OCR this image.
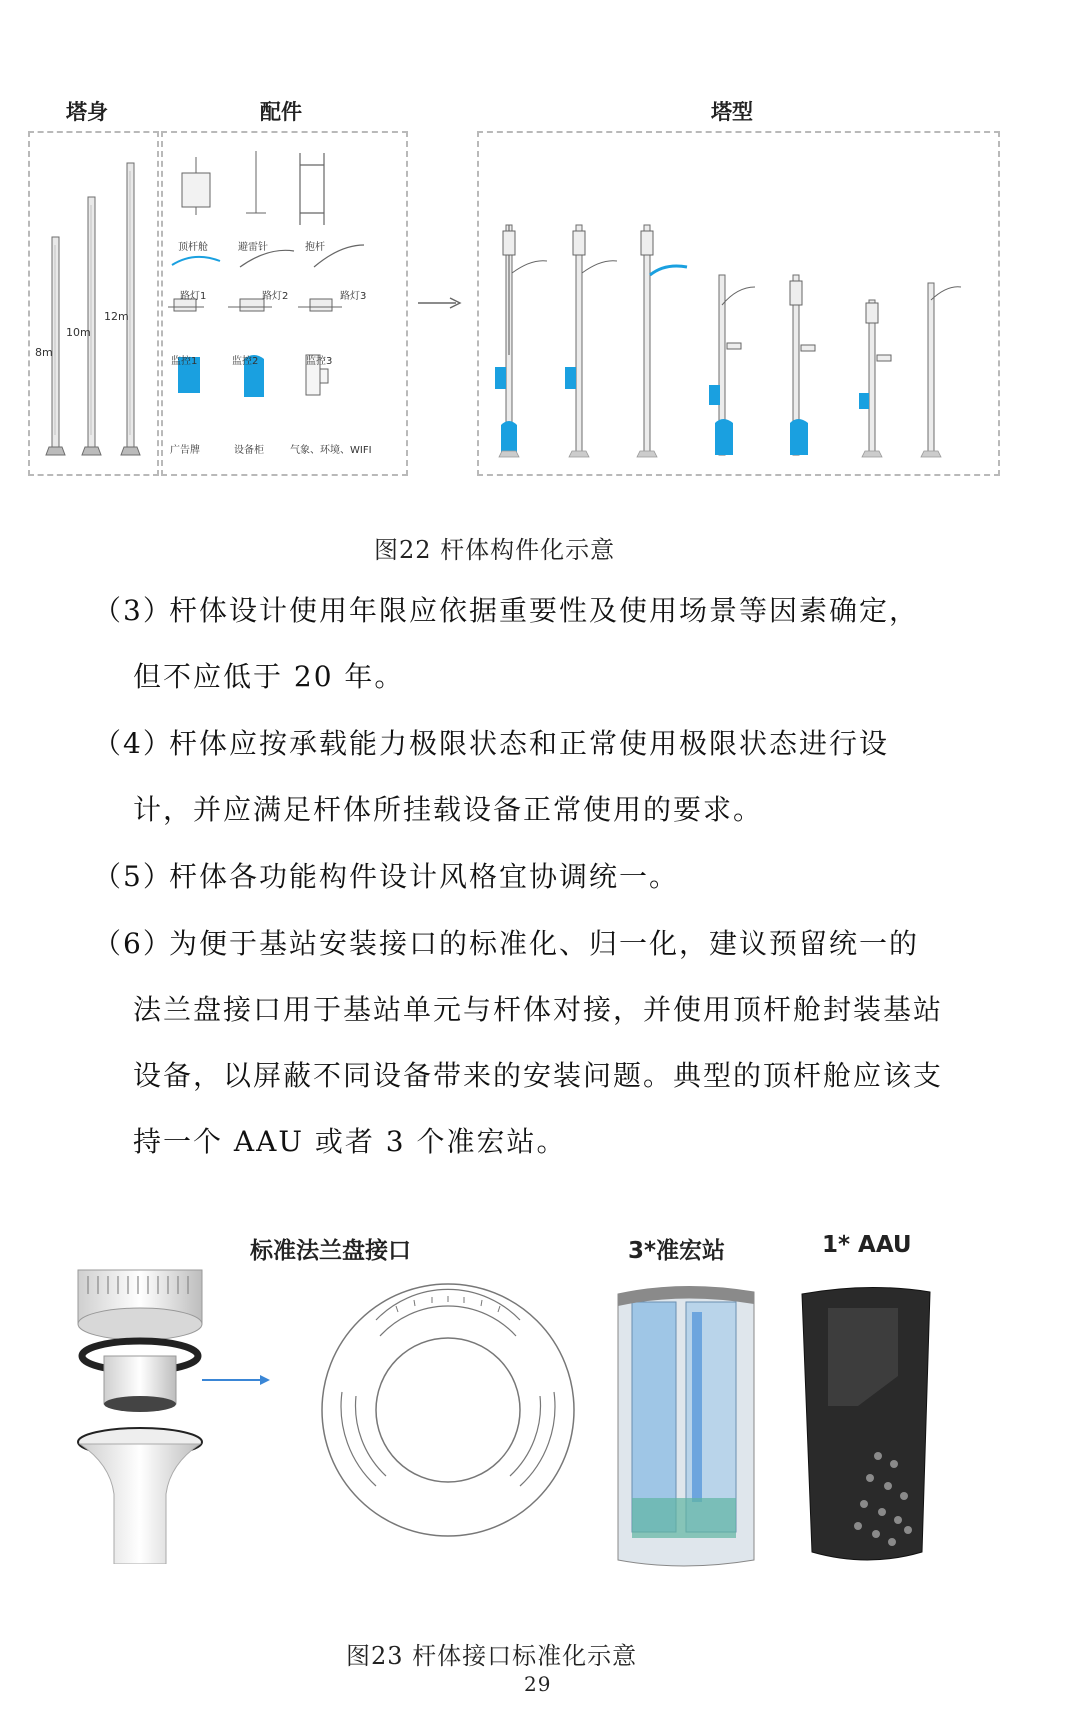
塔身	配件	塔型
8m
10m
12m
顶杆舱	避雷针	抱杆
路灯1	路灯2	路灯3
监控1	监控2	监控3
广告牌	设备柜	气象、环境、WIFI
图22 杆体构件化示意
（3）杆体设计使用年限应依据重要性及使用场景等因素确定，
但不应低于 20 年。
（4）杆体应按承载能力极限状态和正常使用极限状态进行设
计，并应满足杆体所挂载设备正常使用的要求。
（5）杆体各功能构件设计风格宜协调统一。
（6）为便于基站安装接口的标准化、归一化，建议预留统一的
法兰盘接口用于基站单元与杆体对接，并使用顶杆舱封装基站
设备，以屏蔽不同设备带来的安装问题。典型的顶杆舱应该支
持一个 AAU 或者 3 个准宏站。
标准法兰盘接口	3*准宏站	1* AAU
图23 杆体接口标准化示意
29
